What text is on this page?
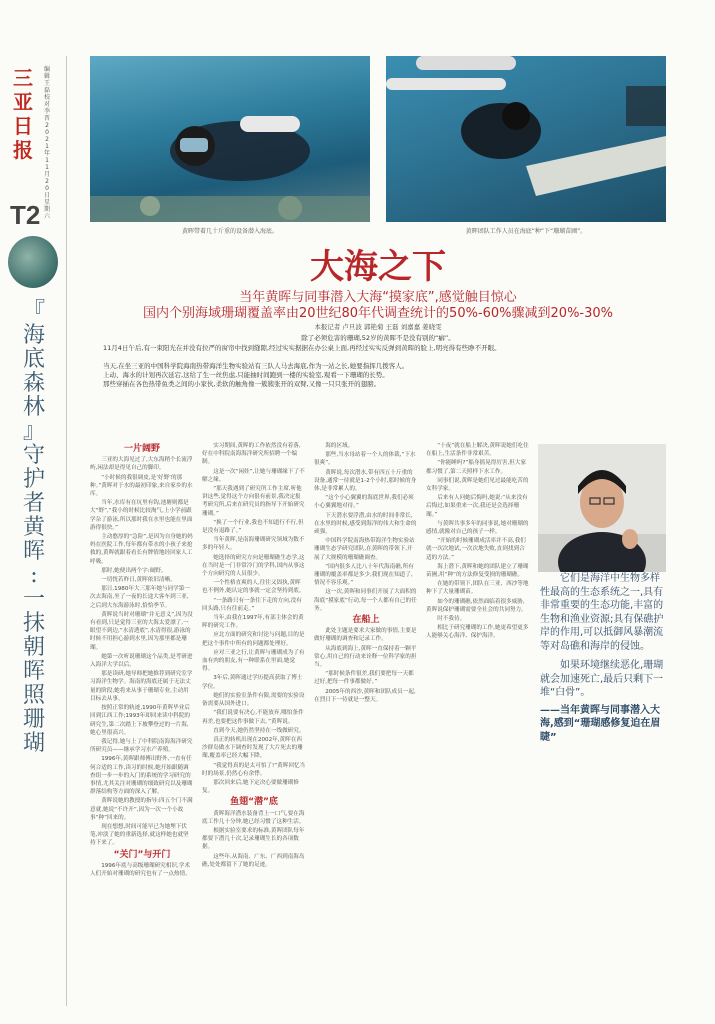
三
亚
日
报
编
辑
王
磊
校
对
李
晋
2
0
2
1
年
1
1
月
2
0
日
星
期
六
T2
『
海
底
森
林
』
守
护
者
黄
晖
:
一
抹
朝
晖
照
珊
瑚
黄晖带着几十斤重的设备潜入海底。	黄晖团队工作人员在海底“种”下“珊瑚苗圃”。
大海之下
当年黄晖与同事潜入大海“摸家底”,感觉触目惊心
国内个别海域珊瑚覆盖率由20世纪80年代调查统计的50%-60%骤减到20%-30%
本报记者 卢旦波 郭艳菊 王磊 刘嘉嘉 姜晓雯
除了必须危害的珊瑚,52岁的黄晖不是没有别的“癖”。
11月4日午后,有一束阳光在并没有拉严的窗帘中找到缝隙,经过实实据据在办公桌上面,再经过实实反弹到黄晖的脸上,明亮得有些睁不开眼。
当天,在坐三亚的中国科学院海南热带海洋生物实验站有三队人马去海底,作为一站之长,她要指挥几拨客人。
上动、海水的计划再次延宕,这给了生一丝焦虑,只能抽时间跑到一楼的实验室,观看一下珊瑚的长势。
那些穿插在各色热带鱼类之间的小家伙,柔软的触角像一簇簇张开的双臂,又像一只只张开的翅膀。
一片阔野

三亚的大海见过了,大东海稍个长流浮屿,闲法却是得见自己的脚印。

“小时候的我很调皮,是‘好野’的那种。”黄晖对于水的最初印象,来自家乡的水库。

当年,水库有在坑里有钩,池塘则都是大“野”,“我小的时候比较淘气,上小学前跟学杂了游泳,所以那时我在水里也能在里面游得很快。”

主动憨厚的“急险”,是因为自身她的妈妈在医院工作,每年都有带水的小孩子来抢救的,黄晖就跟着看长有牌情地经回家人工呼吸。

那时,她便出两个字:阔野。

一切恍若昨日,黄晖依旧清晰。

那日,1980年大三那年她与同学第一次去海南,坐了一夜的长途大客车到三亚,之后到大东海游泳时,恰恰季节。

黄晖说当时对珊瑚“并无意义”,因为没有看到,只是觉得三亚的大海太爱漂了,一眼望不到边,“水清透底”,水清得很,游泳的时候不用担心游到水里,因为那里都是珊瑚。

她第一次听说珊瑚这个品类,是考研进入海洋大学以后。

那是读研,她导师把她推荐到研究室学习海洋生物学。海南的海底还属于无法丈量的阶段,她将来从事于珊瑚专业,主动用目标去从事。

按照正常的轨迹,1990年黄晖毕业后回到江西工作;1993年却回来读中科院的研究生,第二次踏上下坡攀登过的一片海,她心里很高兴。

我记得,她与上了中科院南海海洋研究所研究员——继承学习水产养殖。

1996年,黄晖跟师傅出野外,一直有任何合适的工作,读习的时候,她开始跟随调查组一步一步的入门的系统的学习研究的事情,尤其关注对珊瑚的细致研究以及珊瑚群落结构等方面的深入了解。

黄晖说她的教授的指导:四五个门不满意就,她说“不许开”,因为一次一个小故事“种”回来的。

现在想想,时间可能早已为她埋下伏笔,冲淡了她的重新选择,就这样她也就坚持下来了。

“关门”与开门

1996年底与高级珊瑚研究相识,学术人们开始对珊瑚的研究也有了一点热情。

实习期间,黄晖的工作依然没有着落,好在中科院南海海洋研究所招聘一个编制。

这是一次“闲娃”,让她与珊瑚缘下了不解之缘。

“那天我遇到了研究所工作主席,听他讲这些,觉得这个方向很有前景,我决定报考研究所,后来在研究员的指导下开始研究珊瑚。”

“换了一个行业,我也不知道行不行,但是没有退路了。”

当年黄晖,是南海珊瑚研究领域为数不多的年轻人。

她选择的研究方向是珊瑚礁生态学,这在当时是一门非常冷门的学科,国内从事这个方向研究的人员很少。

一个性格直爽的人,往往又固执,黄晖也不例外,她认定的事就一定会坚持到底。

“一条路只有一条往下走的方向,没有回头路,只有往前走。”

当年,由我在1997年,有部主体会的黄晖的研究工作。

应北方面的研究和讨论与问题,目的是把这个事件中所有的问题都处理好。

应对三亚之行,让黄晖与珊瑚成为了有血有肉的朋友,有一种联系在里面,她觉得。

3年后,黄晖通过学历提高获取了博士学位。

她们的实验室条件有限,需要的实验设备需要从国外进口。

“我们说要有决心,不能放弃,哪怕条件再差,也要把这件事做下去。”黄晖说。

直到今天,她仍然坚持在一线做研究。

真正的转机出现在2002年,黄晖在西沙群岛做水下调查时发现了大片死去的珊瑚,覆盖率已经大幅下降。

“我觉得真的是太可怕了!”黄晖回忆当时的场景,仍然心有余悸。

那次回来后,她下定决心要做珊瑚修复。

鱼翅“潜”底

黄晖海洋潜水装备背上一口气,要在海底工作几十分钟,她已经习惯了这种生活。

根据实验室要求的标准,黄晖团队每年都要下潜几十次,记录珊瑚生长的各项数据。

这些年,从海南、广东、广西到南海岛礁,处处都留下了她的足迹。

海的区域。

那些,当水母站着一个人的体裁,“下水很爽”。

黄晖说,每次潜水,带有四五十斤重的设备,通常一待就是1-2个小时,那时候的身体,是非常累人的。

“这个小心翼翼的海底世界,我们必须小心翼翼地对待。”

下天潜水要浮潜,由水的时间非常长,在水里的时候,感受到海洋的伟大和生命的顽强。

中国科学院南海热带海洋生物实验站珊瑚生态学研究团队,在黄晖的带领下,开展了大规模的珊瑚礁调查。

“国内很多人比八十年代海南礁,所有珊瑚的覆盖率都是多少,我们现在知道了,情况不容乐观。”

这一次,黄晖和同事们开展了大面积的海底“摸家底”行动,每一个人都有自己的任务。

在船上

此处主题是要求大家做的事情,主要是做好珊瑚的调查和记录工作。

从海底到海上,黄晖一直保持着一颗平常心,用自己的行动来诠释一位科学家的担当。

“那时候条件很差,我们要把每一天都过好,把每一件事都做好。”

2005年的西沙,黄晖和团队成员一起,在烈日下一待就是一整天。

“十夜”就在船上解决,黄晖说她们吃住在船上,生活条件非常艰苦。

“你能睡吗?”船身摇晃得厉害,但大家都习惯了,第二天照样下水工作。

同事们说,黄晖是她们见过最能吃苦的女科学家。

后来有人问她后悔吗,她说:“从来没有后悔过,如果重来一次,我还是会选择珊瑚。”

与黄晖共事多年的同事说,她对珊瑚的感情,就像对自己的孩子一样。

“开始的时候珊瑚成活率并不高,我们就一次次地试,一次次地失败,直到找到合适的方法。”

海上潜下,黄晖和她的团队建立了珊瑚苗圃,用“种”的方法修复受损的珊瑚礁。

在她的带领下,团队在三亚、西沙等地种下了大量珊瑚苗。

如今的珊瑚礁,依然面临着很多威胁,黄晖说保护珊瑚需要全社会的共同努力。

时不我待。

相比于研究珊瑚的工作,她更希望更多人能够关心海洋、保护海洋。

它们是海洋中生物多样性最高的生态系统之一,具有非常重要的生态功能,丰富的生物和渔业资源;具有保礁护岸的作用,可以抵御风暴潮流等对岛礁和海岸的侵蚀。

如果环境继续恶化,珊瑚就会加速死亡,最后只剩下一堆“白骨”。

——当年黄晖与同事潜入大海,感到“珊瑚感修复迫在眉睫”
